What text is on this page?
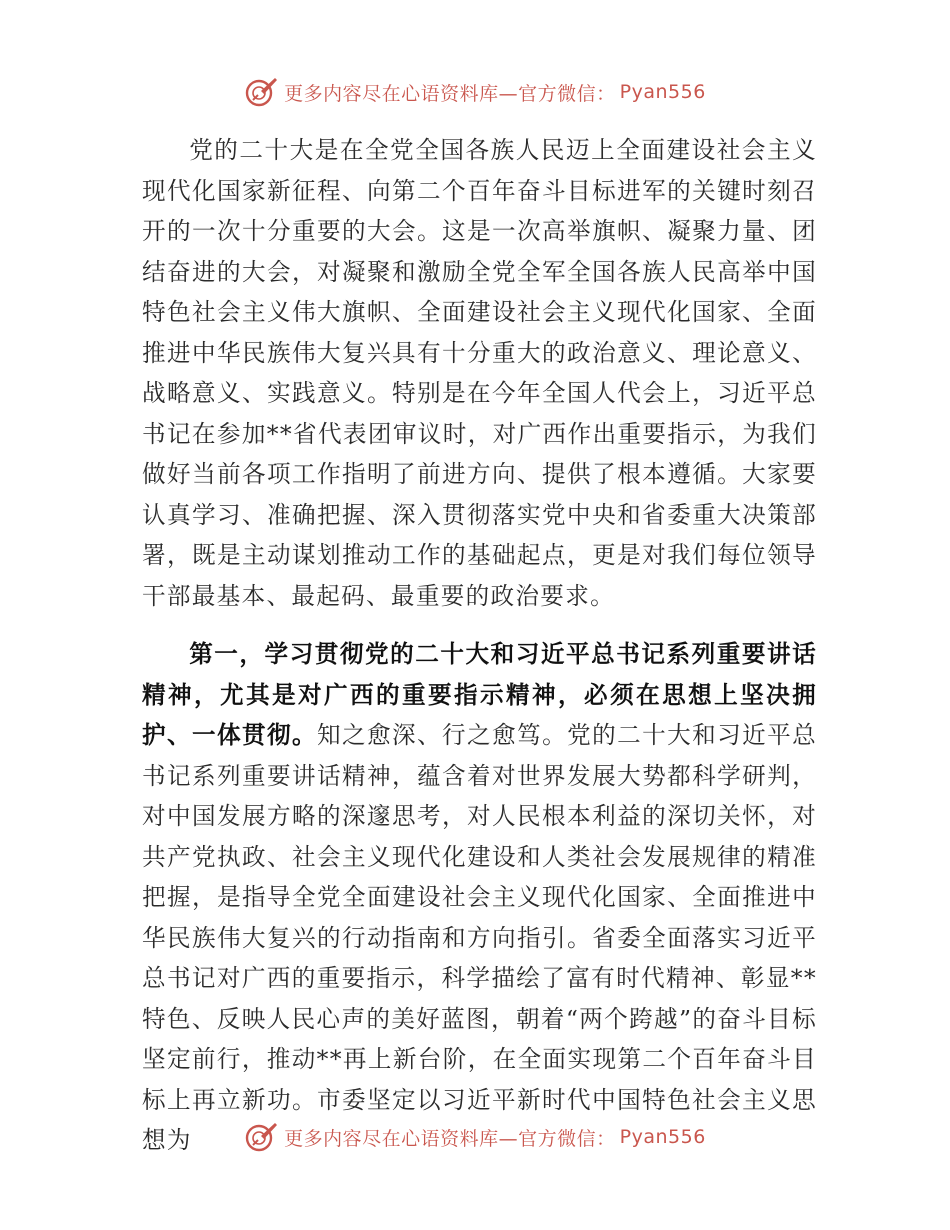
更多内容尽在心语资料库—官方微信： Pyan556

党的二十大是在全党全国各族人民迈上全面建设社会主义现代化国家新征程、向第二个百年奋斗目标进军的关键时刻召开的一次十分重要的大会。这是一次高举旗帜、凝聚力量、团结奋进的大会，对凝聚和激励全党全军全国各族人民高举中国特色社会主义伟大旗帜、全面建设社会主义现代化国家、全面推进中华民族伟大复兴具有十分重大的政治意义、理论意义、战略意义、实践意义。特别是在今年全国人代会上，习近平总书记在参加**省代表团审议时，对广西作出重要指示，为我们做好当前各项工作指明了前进方向、提供了根本遵循。大家要认真学习、准确把握、深入贯彻落实党中央和省委重大决策部署，既是主动谋划推动工作的基础起点，更是对我们每位领导干部最基本、最起码、最重要的政治要求。

第一，学习贯彻党的二十大和习近平总书记系列重要讲话精神，尤其是对广西的重要指示精神，必须在思想上坚决拥护、一体贯彻。知之愈深、行之愈笃。党的二十大和习近平总书记系列重要讲话精神，蕴含着对世界发展大势都科学研判，对中国发展方略的深邃思考，对人民根本利益的深切关怀，对共产党执政、社会主义现代化建设和人类社会发展规律的精准把握，是指导全党全面建设社会主义现代化国家、全面推进中华民族伟大复兴的行动指南和方向指引。省委全面落实习近平总书记对广西的重要指示，科学描绘了富有时代精神、彰显**特色、反映人民心声的美好蓝图，朝着“两个跨越”的奋斗目标坚定前行，推动**再上新台阶，在全面实现第二个百年奋斗目标上再立新功。市委坚定以习近平新时代中国特色社会主义思想为	更多内容尽在心语资料库—官方微信： Pyan556
